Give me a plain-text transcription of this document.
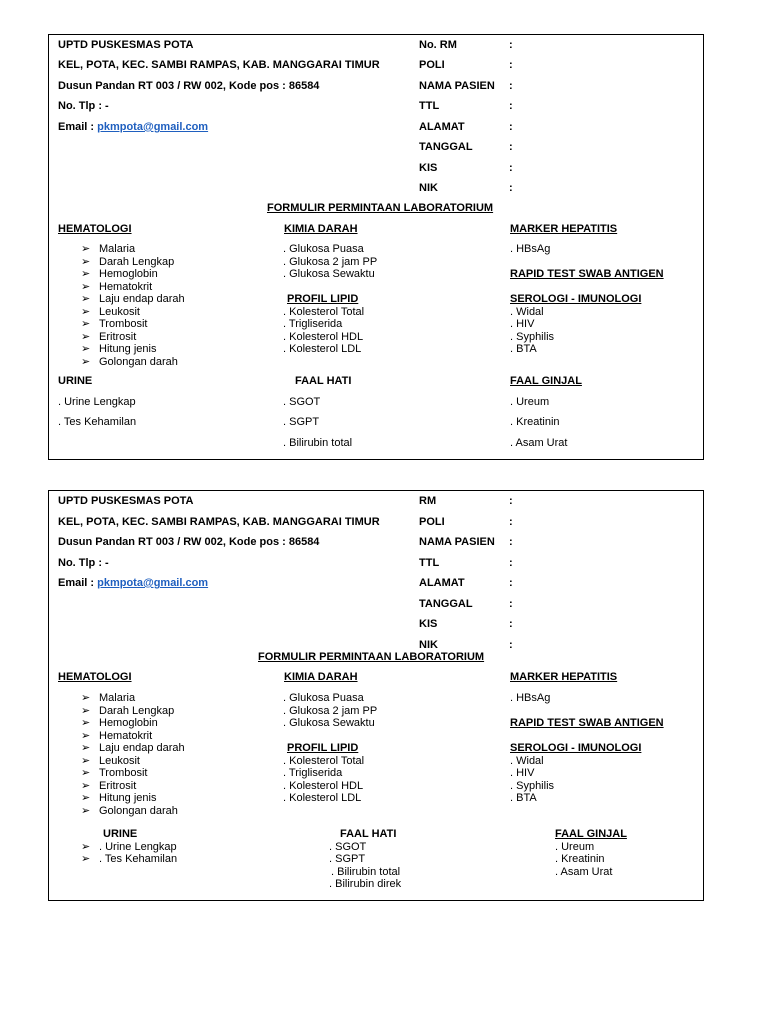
UPTD PUSKESMAS POTA
KEL, POTA, KEC. SAMBI RAMPAS, KAB. MANGGARAI TIMUR
Dusun Pandan RT 003 / RW 002, Kode pos : 86584
No. Tlp : -
Email : pkmpota@gmail.com
No. RM	:
POLI	:
NAMA PASIEN :
TTL	:
ALAMAT	:
TANGGAL	:
KIS	:
NIK	:
FORMULIR PERMINTAAN LABORATORIUM
HEMATOLOGI
➢ Malaria
➢ Darah Lengkap
➢ Hemoglobin
➢ Hematokrit
➢ Laju endap darah
➢ Leukosit
➢ Trombosit
➢ Eritrosit
➢ Hitung jenis
➢ Golongan darah
KIMIA DARAH
. Glukosa Puasa
. Glukosa 2 jam PP
. Glukosa Sewaktu
PROFIL LIPID
. Kolesterol Total
. Trigliserida
. Kolesterol HDL
. Kolesterol LDL
MARKER HEPATITIS
. HBsAg
RAPID TEST SWAB ANTIGEN
SEROLOGI - IMUNOLOGI
. Widal
. HIV
. Syphilis
. BTA
URINE
. Urine Lengkap
. Tes Kehamilan
FAAL HATI
. SGOT
. SGPT
. Bilirubin total
FAAL GINJAL
. Ureum
. Kreatinin
. Asam Urat
UPTD PUSKESMAS POTA
KEL, POTA, KEC. SAMBI RAMPAS, KAB. MANGGARAI TIMUR
Dusun Pandan RT 003 / RW 002, Kode pos : 86584
No. Tlp : -
Email : pkmpota@gmail.com
RM	:
POLI	:
NAMA PASIEN :
TTL	:
ALAMAT	:
TANGGAL	:
KIS	:
NIK	:
FORMULIR PERMINTAAN LABORATORIUM
HEMATOLOGI
➢ Malaria
➢ Darah Lengkap
➢ Hemoglobin
➢ Hematokrit
➢ Laju endap darah
➢ Leukosit
➢ Trombosit
➢ Eritrosit
➢ Hitung jenis
➢ Golongan darah
KIMIA DARAH
. Glukosa Puasa
. Glukosa 2 jam PP
. Glukosa Sewaktu
PROFIL LIPID
. Kolesterol Total
. Trigliserida
. Kolesterol HDL
. Kolesterol LDL
MARKER HEPATITIS
. HBsAg
RAPID TEST SWAB ANTIGEN
SEROLOGI - IMUNOLOGI
. Widal
. HIV
. Syphilis
. BTA
URINE
➢ . Urine Lengkap
➢ . Tes Kehamilan
FAAL HATI
. SGOT
. SGPT
. Bilirubin total
. Bilirubin direk
FAAL GINJAL
. Ureum
. Kreatinin
. Asam Urat
